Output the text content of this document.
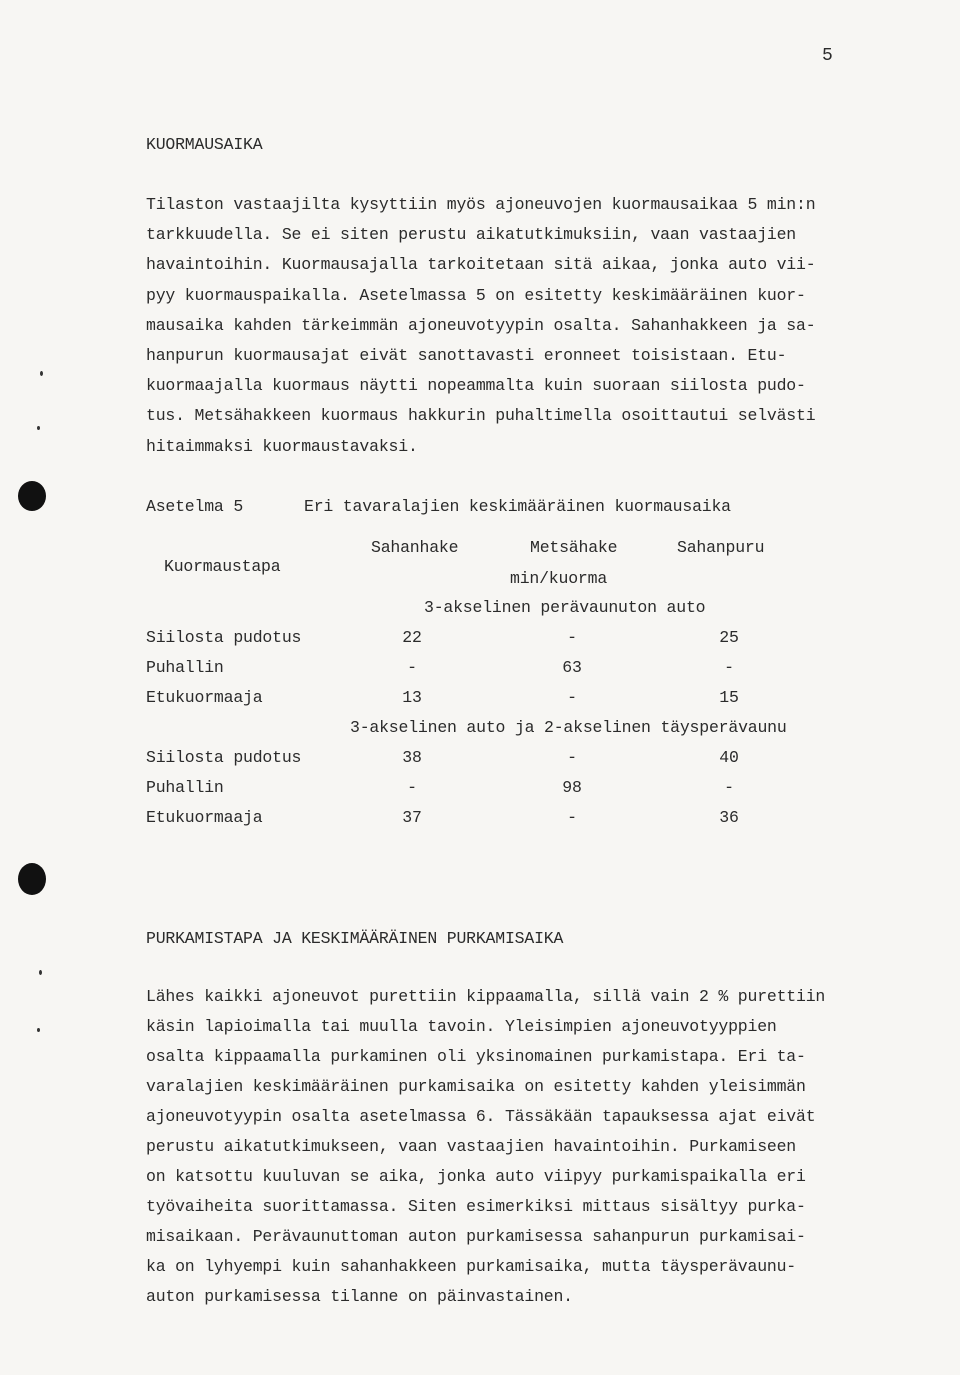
5
KUORMAUSAIKA
Tilaston vastaajilta kysyttiin myös ajoneuvojen kuormausaikaa 5 min:n
tarkkuudella. Se ei siten perustu aikatutkimuksiin, vaan vastaajien
havaintoihin. Kuormausajalla tarkoitetaan sitä aikaa, jonka auto vii-
pyy kuormauspaikalla. Asetelmassa 5 on esitetty keskimääräinen kuor-
mausaika kahden tärkeimmän ajoneuvotyypin osalta. Sahanhakkeen ja sa-
hanpurun kuormausajat eivät sanottavasti eronneet toisistaan. Etu-
kuormaajalla kuormaus näytti nopeammalta kuin suoraan siilosta pudo-
tus. Metsähakkeen kuormaus hakkurin puhaltimella osoittautui selvästi
hitaimmaksi kuormaustavaksi.
Asetelma 5	Eri tavaralajien keskimääräinen kuormausaika
Kuormaustapa
Sahanhake	Metsähake	Sahanpuru
min/kuorma
3-akselinen perävaunuton auto
Siilosta pudotus	22	-	25
Puhallin	-	63	-
Etukuormaaja	13	-	15
3-akselinen auto ja 2-akselinen täysperävaunu
Siilosta pudotus	38	-	40
Puhallin	-	98	-
Etukuormaaja	37	-	36
PURKAMISTAPA JA KESKIMÄÄRÄINEN PURKAMISAIKA
Lähes kaikki ajoneuvot purettiin kippaamalla, sillä vain 2 % purettiin
käsin lapioimalla tai muulla tavoin. Yleisimpien ajoneuvotyyppien
osalta kippaamalla purkaminen oli yksinomainen purkamistapa. Eri ta-
varalajien keskimääräinen purkamisaika on esitetty kahden yleisimmän
ajoneuvotyypin osalta asetelmassa 6. Tässäkään tapauksessa ajat eivät
perustu aikatutkimukseen, vaan vastaajien havaintoihin. Purkamiseen
on katsottu kuuluvan se aika, jonka auto viipyy purkamispaikalla eri
työvaiheita suorittamassa. Siten esimerkiksi mittaus sisältyy purka-
misaikaan. Perävaunuttoman auton purkamisessa sahanpurun purkamisai-
ka on lyhyempi kuin sahanhakkeen purkamisaika, mutta täysperävaunu-
auton purkamisessa tilanne on päinvastainen.
